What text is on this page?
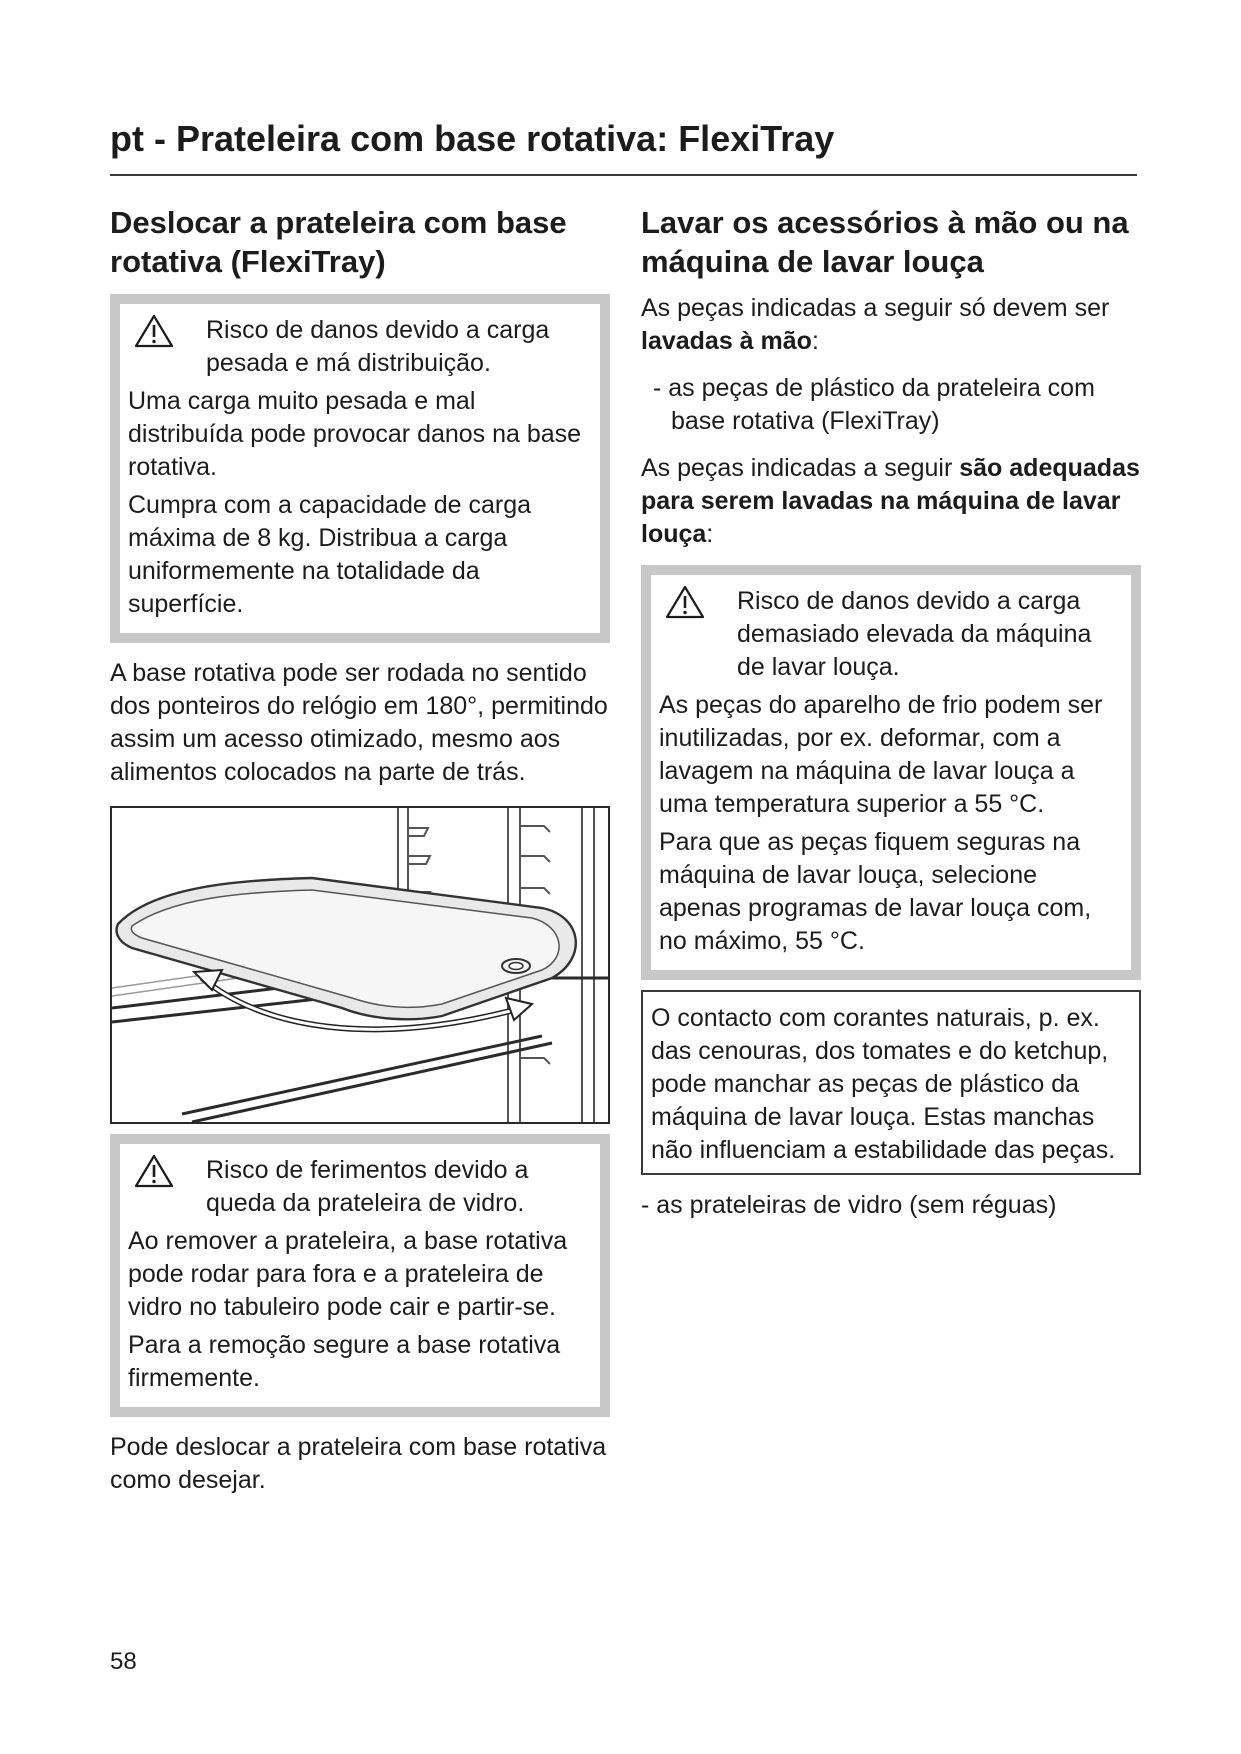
pt - Prateleira com base rotativa: FlexiTray
Deslocar a prateleira com base rotativa (FlexiTray)
Risco de danos devido a carga pesada e má distribuição.
Uma carga muito pesada e mal distribuída pode provocar danos na base rotativa.
Cumpra com a capacidade de carga máxima de 8 kg. Distribua a carga uniformemente na totalidade da superfície.

A base rotativa pode ser rodada no sentido dos ponteiros do relógio em 180°, permitindo assim um acesso otimizado, mesmo aos alimentos colocados na parte de trás.

Risco de ferimentos devido a queda da prateleira de vidro.
Ao remover a prateleira, a base rotativa pode rodar para fora e a prateleira de vidro no tabuleiro pode cair e partir-se.
Para a remoção segure a base rotativa firmemente.

Pode deslocar a prateleira com base rotativa como desejar.

Lavar os acessórios à mão ou na máquina de lavar louça

As peças indicadas a seguir só devem ser lavadas à mão:

- as peças de plástico da prateleira com base rotativa (FlexiTray)

As peças indicadas a seguir são adequadas para serem lavadas na máquina de lavar louça:

Risco de danos devido a carga demasiado elevada da máquina de lavar louça.
As peças do aparelho de frio podem ser inutilizadas, por ex. deformar, com a lavagem na máquina de lavar louça a uma temperatura superior a 55 °C.
Para que as peças fiquem seguras na máquina de lavar louça, selecione apenas programas de lavar louça com, no máximo, 55 °C.
O contacto com corantes naturais, p. ex. das cenouras, dos tomates e do ketchup, pode manchar as peças de plástico da máquina de lavar louça. Estas manchas não influenciam a estabilidade das peças.

- as prateleiras de vidro (sem réguas)

58
